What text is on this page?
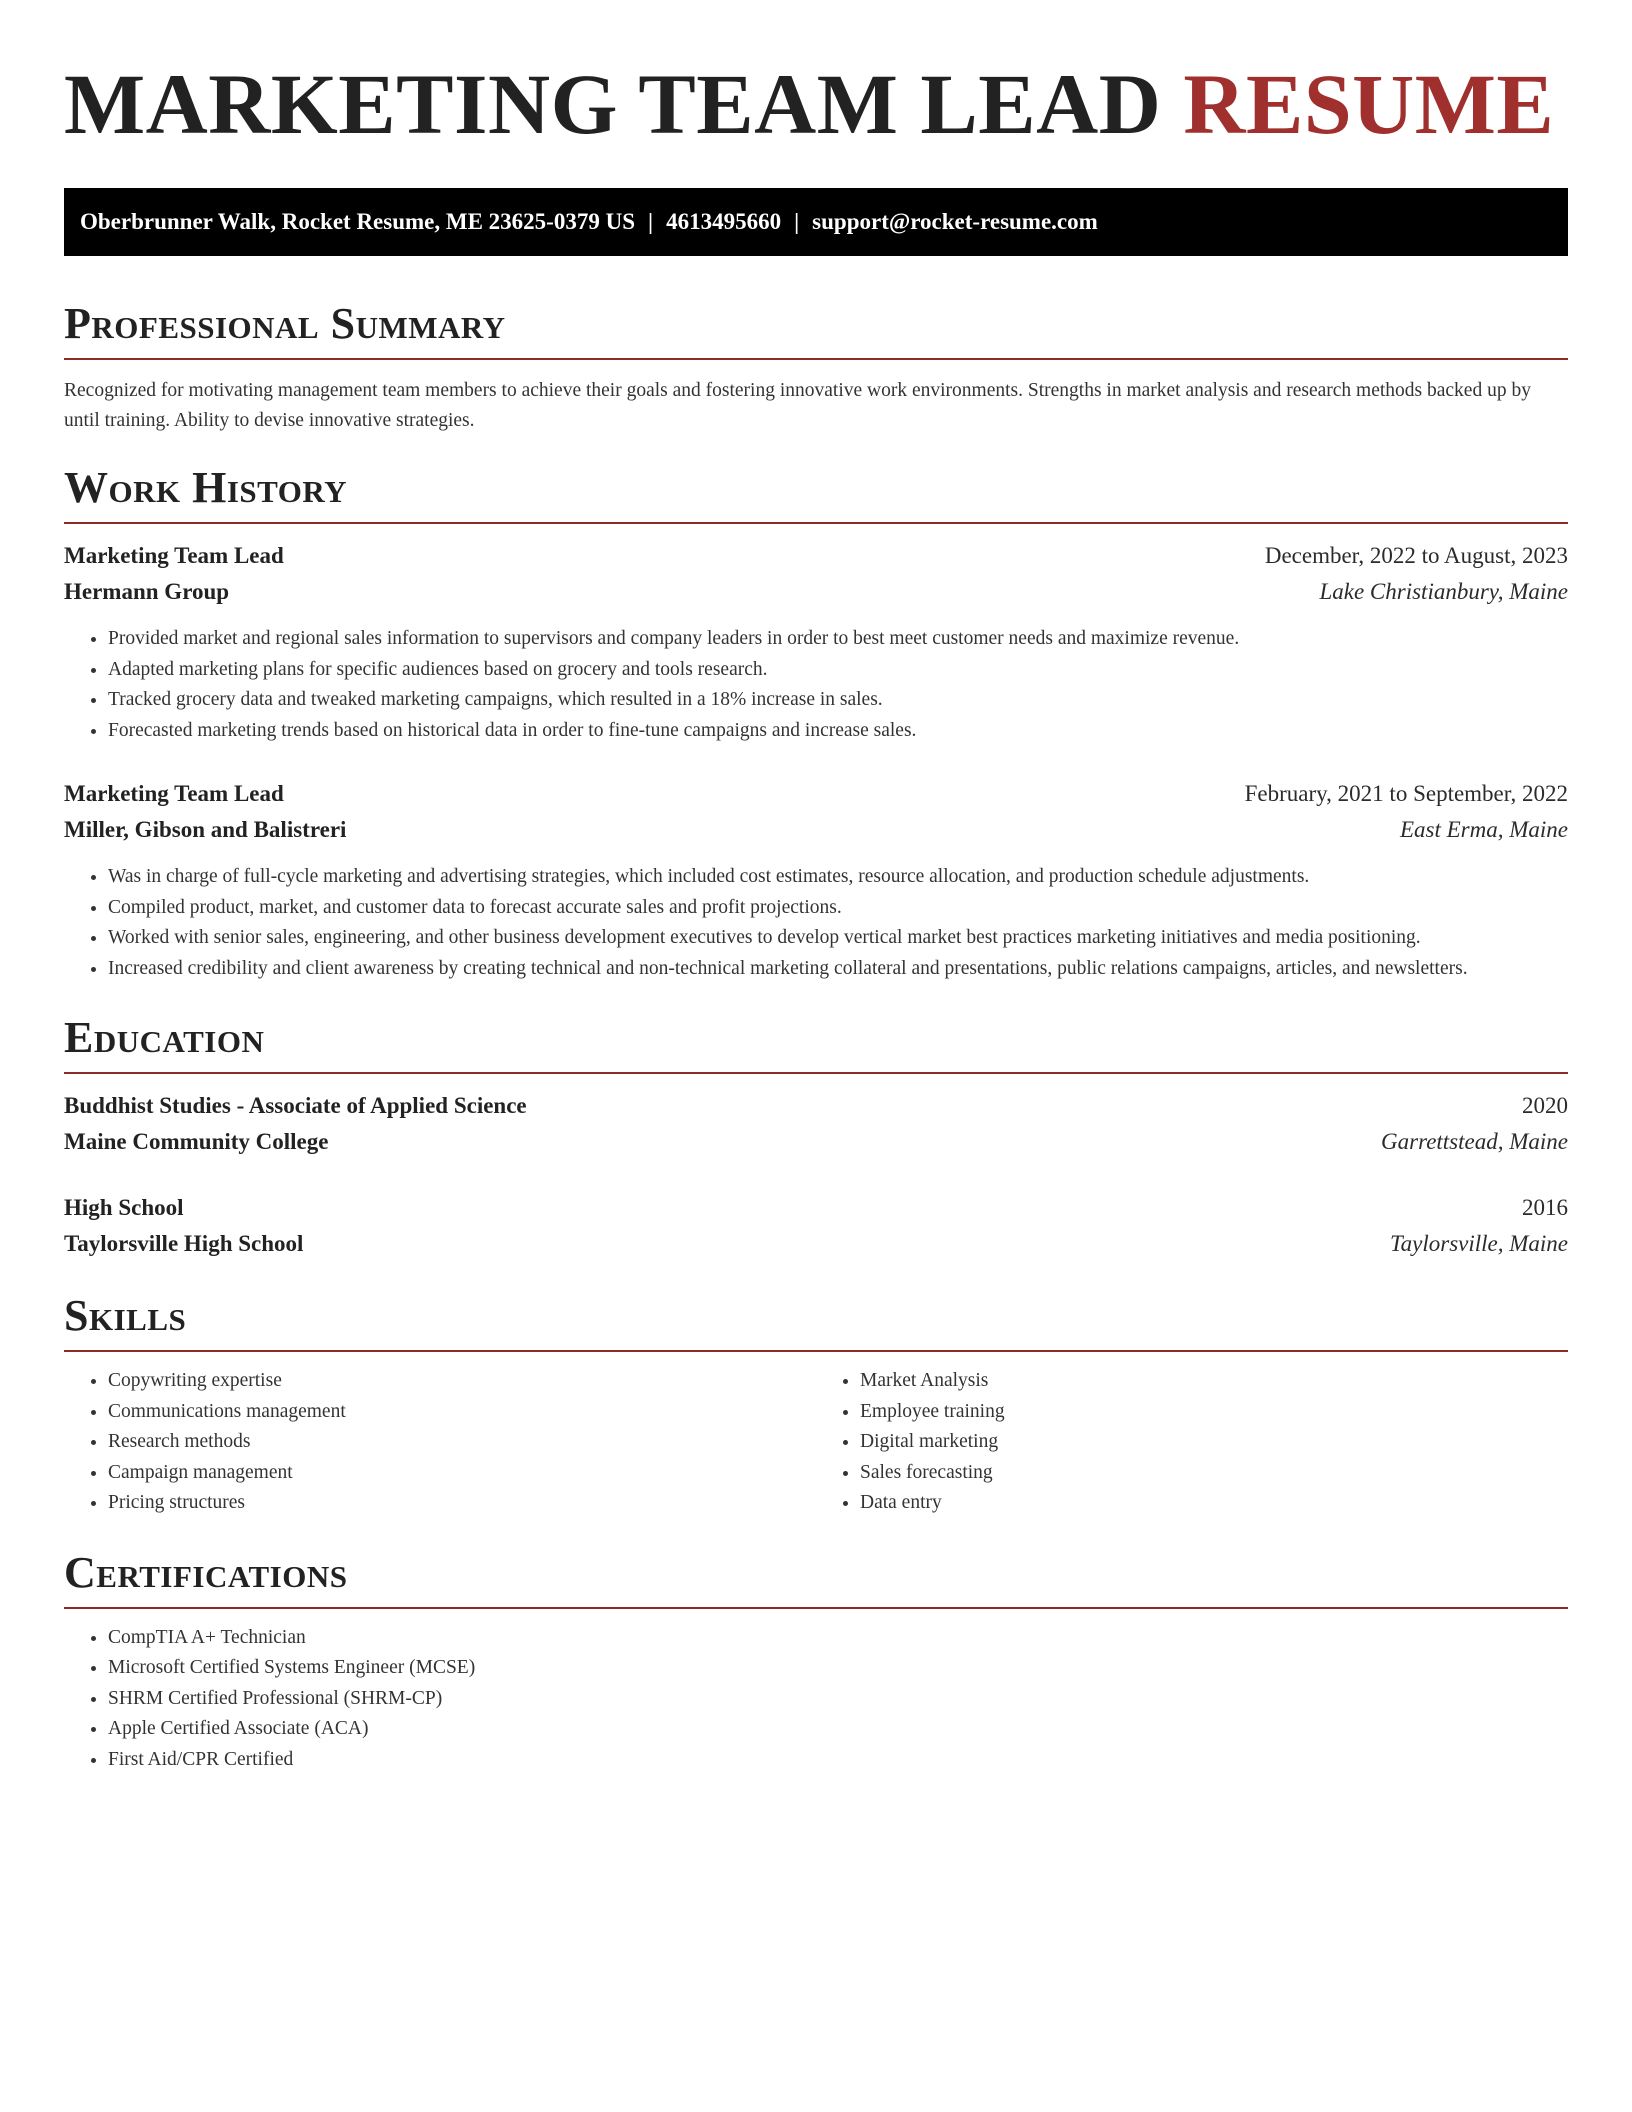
MARKETING TEAM LEAD RESUME
Oberbrunner Walk, Rocket Resume, ME 23625-0379 US | 4613495660 | support@rocket-resume.com
Professional Summary

Recognized for motivating management team members to achieve their goals and fostering innovative work environments. Strengths in market analysis and research methods backed up by until training. Ability to devise innovative strategies.

Work History
Marketing Team Lead	December, 2022 to August, 2023
Hermann Group	Lake Christianbury, Maine
• Provided market and regional sales information to supervisors and company leaders in order to best meet customer needs and maximize revenue.
• Adapted marketing plans for specific audiences based on grocery and tools research.
• Tracked grocery data and tweaked marketing campaigns, which resulted in a 18% increase in sales.
• Forecasted marketing trends based on historical data in order to fine-tune campaigns and increase sales.
Marketing Team Lead	February, 2021 to September, 2022
Miller, Gibson and Balistreri	East Erma, Maine
• Was in charge of full-cycle marketing and advertising strategies, which included cost estimates, resource allocation, and production schedule adjustments.
• Compiled product, market, and customer data to forecast accurate sales and profit projections.
• Worked with senior sales, engineering, and other business development executives to develop vertical market best practices marketing initiatives and media positioning.
• Increased credibility and client awareness by creating technical and non-technical marketing collateral and presentations, public relations campaigns, articles, and newsletters.
Education
Buddhist Studies - Associate of Applied Science	2020
Maine Community College	Garrettstead, Maine
High School	2016
Taylorsville High School	Taylorsville, Maine
Skills
• Copywriting expertise
• Communications management
• Research methods
• Campaign management
• Pricing structures
• Market Analysis
• Employee training
• Digital marketing
• Sales forecasting
• Data entry
Certifications
• CompTIA A+ Technician
• Microsoft Certified Systems Engineer (MCSE)
• SHRM Certified Professional (SHRM-CP)
• Apple Certified Associate (ACA)
• First Aid/CPR Certified
